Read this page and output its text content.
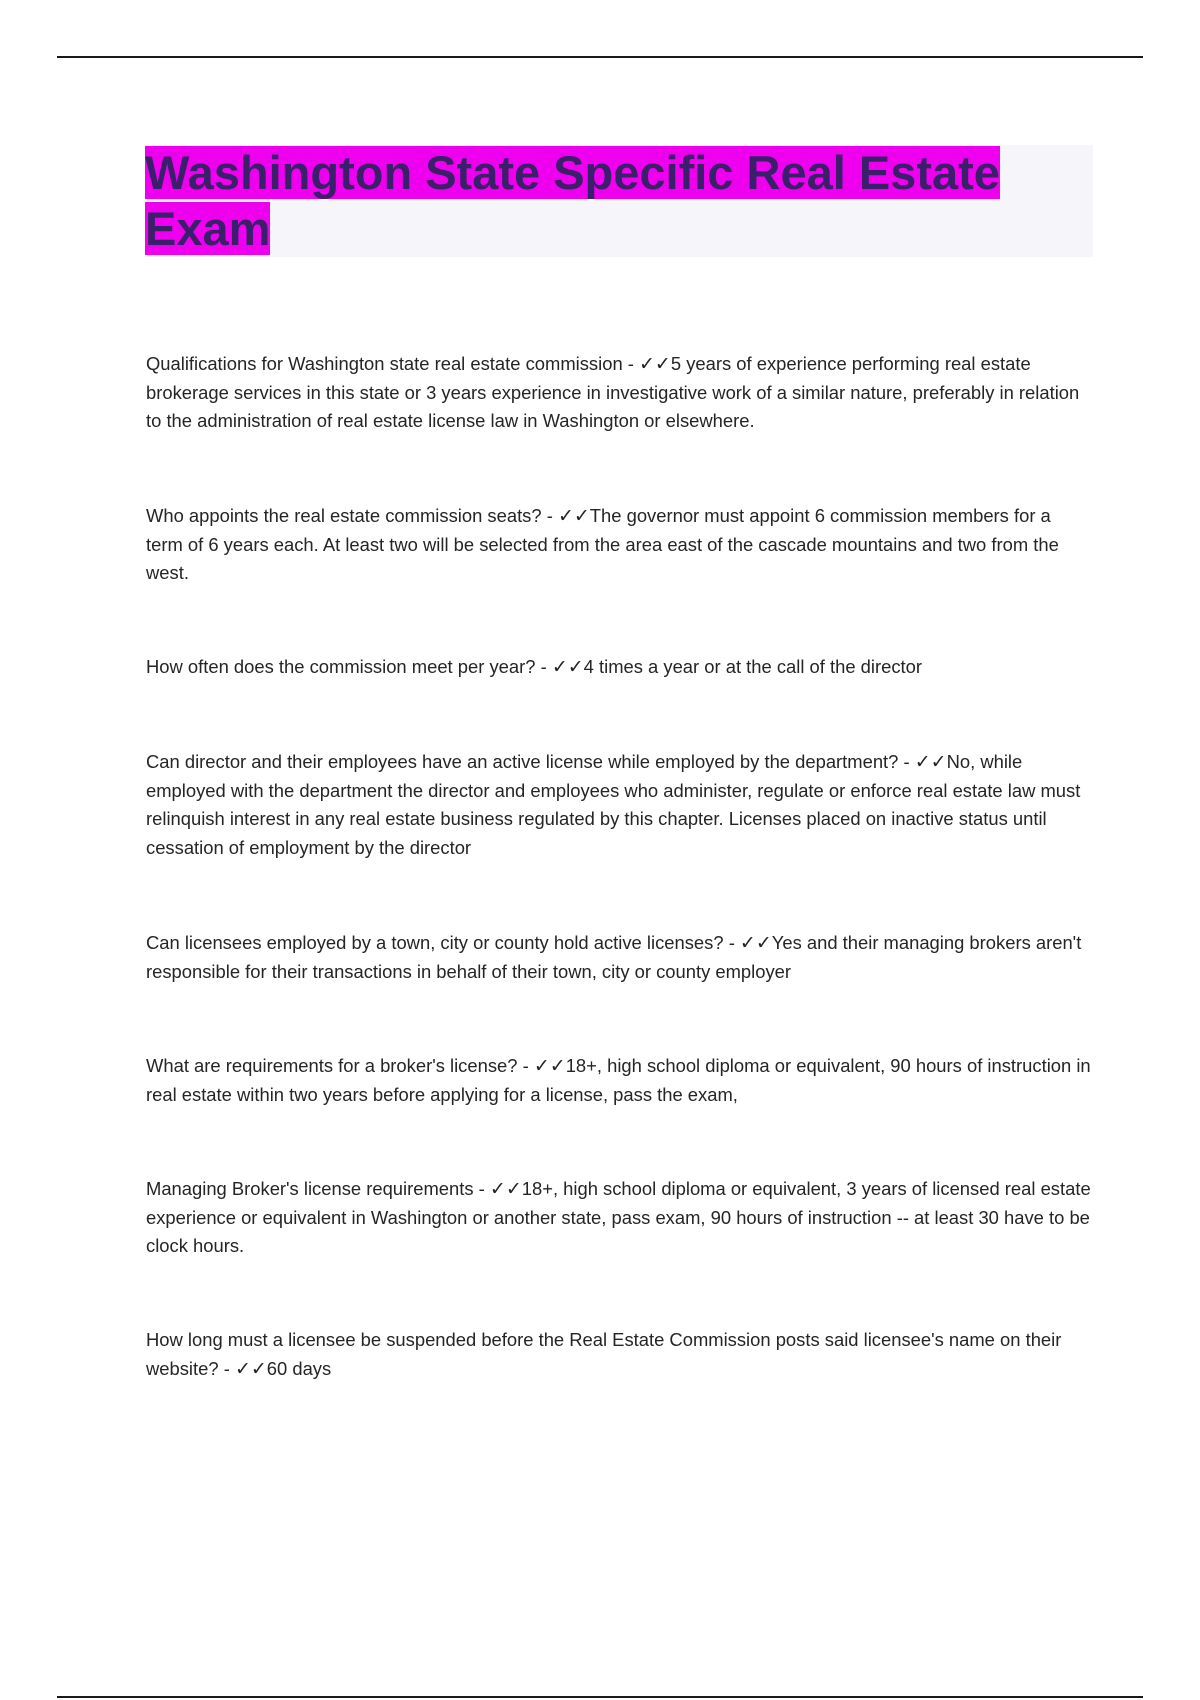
Washington State Specific Real Estate Exam

Qualifications for Washington state real estate commission - ✓✓5 years of experience performing real estate brokerage services in this state or 3 years experience in investigative work of a similar nature, preferably in relation to the administration of real estate license law in Washington or elsewhere.

Who appoints the real estate commission seats? - ✓✓The governor must appoint 6 commission members for a term of 6 years each. At least two will be selected from the area east of the cascade mountains and two from the west.

How often does the commission meet per year? - ✓✓4 times a year or at the call of the director

Can director and their employees have an active license while employed by the department? - ✓✓No, while employed with the department the director and employees who administer, regulate or enforce real estate law must relinquish interest in any real estate business regulated by this chapter. Licenses placed on inactive status until cessation of employment by the director

Can licensees employed by a town, city or county hold active licenses? - ✓✓Yes and their managing brokers aren't responsible for their transactions in behalf of their town, city or county employer

What are requirements for a broker's license? - ✓✓18+, high school diploma or equivalent, 90 hours of instruction in real estate within two years before applying for a license, pass the exam,

Managing Broker's license requirements - ✓✓18+, high school diploma or equivalent, 3 years of licensed real estate experience or equivalent in Washington or another state, pass exam, 90 hours of instruction -- at least 30 have to be clock hours.

How long must a licensee be suspended before the Real Estate Commission posts said licensee's name on their website? - ✓✓60 days
